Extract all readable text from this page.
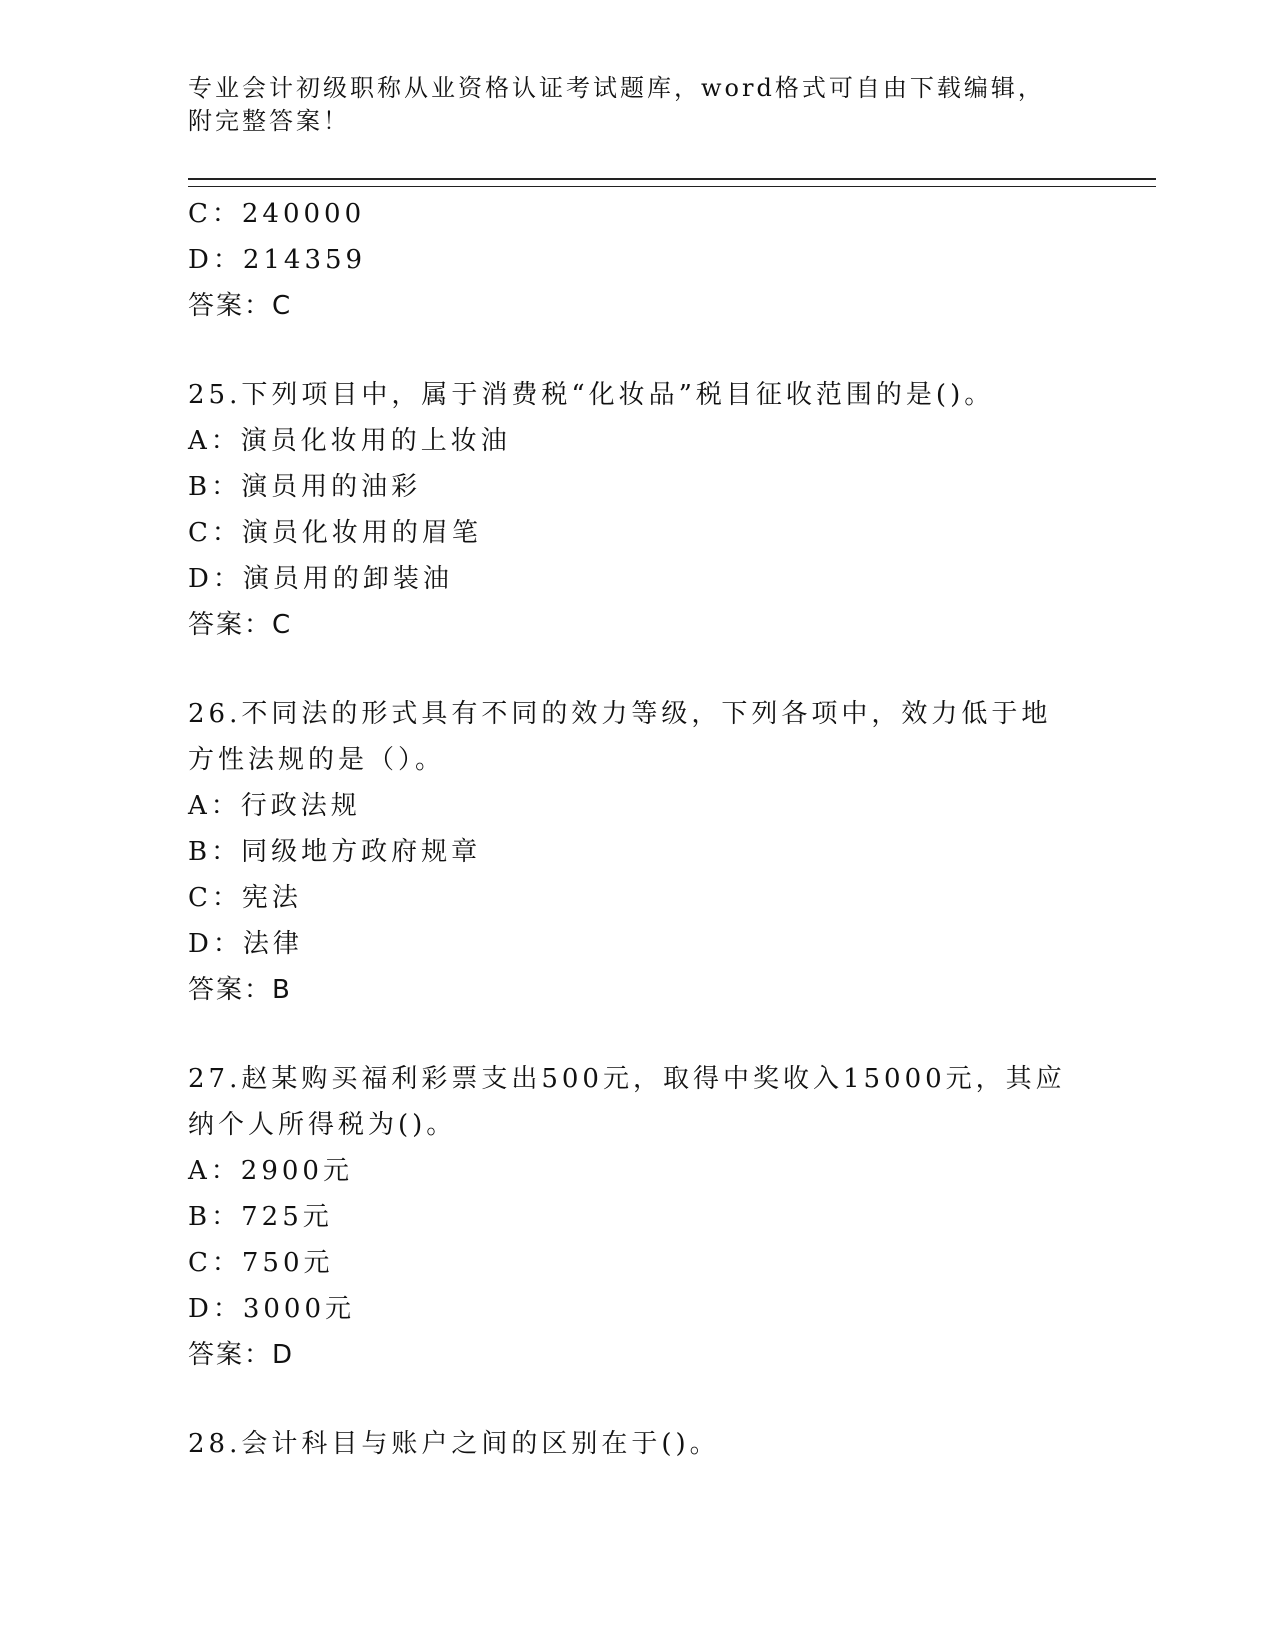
专业会计初级职称从业资格认证考试题库，word格式可自由下载编辑，附完整答案！
C：240000
D：214359
答案：C
25.下列项目中，属于消费税“化妆品”税目征收范围的是()。
A：演员化妆用的上妆油
B：演员用的油彩
C：演员化妆用的眉笔
D：演员用的卸装油
答案：C
26.不同法的形式具有不同的效力等级，下列各项中，效力低于地方性法规的是（）。
A：行政法规
B：同级地方政府规章
C：宪法
D：法律
答案：B
27.赵某购买福利彩票支出500元，取得中奖收入15000元，其应纳个人所得税为()。
A：2900元
B：725元
C：750元
D：3000元
答案：D
28.会计科目与账户之间的区别在于()。
